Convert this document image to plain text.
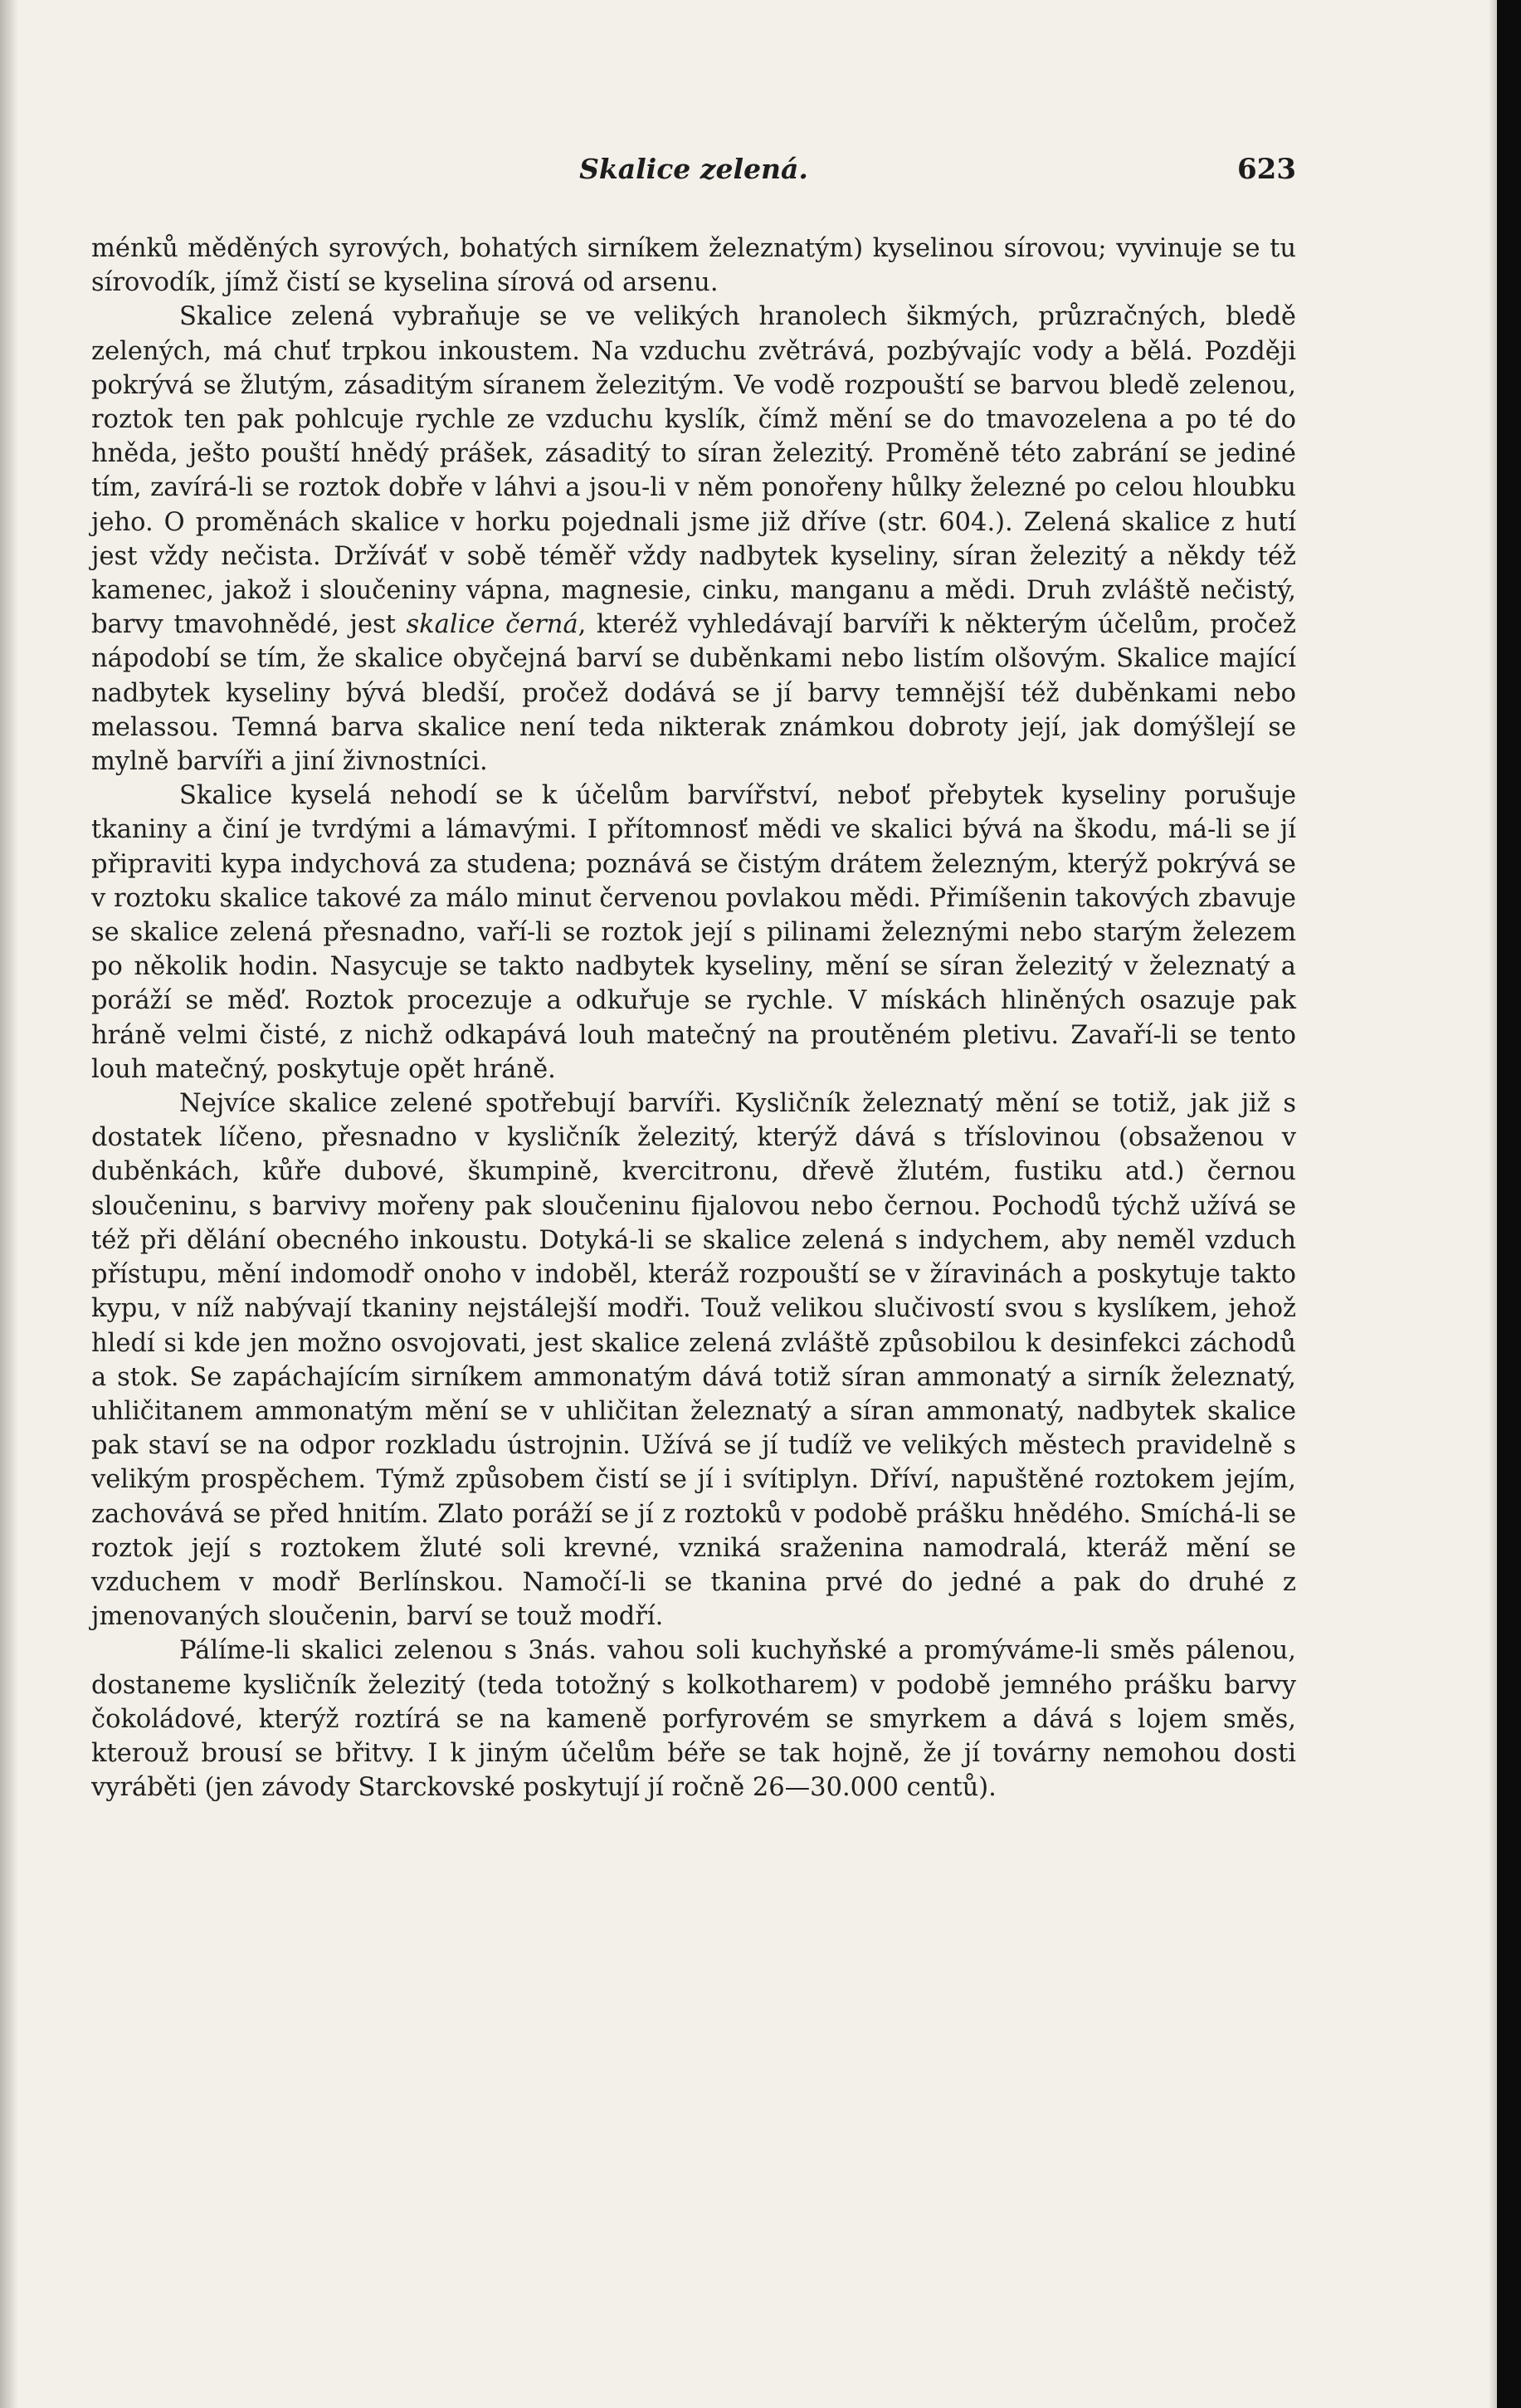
Skalice zelená.	623

ménků měděných syrových, bohatých sirníkem železnatým) kyselinou sírovou; vyvinuje se tu sírovodík, jímž čistí se kyselina sírová od arsenu.

Skalice zelená vybraňuje se ve velikých hranolech šikmých, průzračných, bledě zelených, má chuť trpkou inkoustem. Na vzduchu zvětrává, pozbývajíc vody a bělá. Později pokrývá se žlutým, zásaditým síranem železitým. Ve vodě rozpouští se barvou bledě zelenou, roztok ten pak pohlcuje rychle ze vzduchu kyslík, čímž mění se do tmavozelena a po té do hněda, ješto pouští hnědý prášek, zásaditý to síran železitý. Proměně této zabrání se jediné tím, zavírá-li se roztok dobře v láhvi a jsou-li v něm ponořeny hůlky železné po celou hloubku jeho. O proměnách skalice v horku pojednali jsme již dříve (str. 604.). Zelená skalice z hutí jest vždy nečista. Držíváť v sobě téměř vždy nadbytek kyseliny, síran železitý a někdy též kamenec, jakož i sloučeniny vápna, magnesie, cinku, manganu a mědi. Druh zvláště nečistý, barvy tmavohnědé, jest skalice černá, kteréž vyhledávají barvíři k některým účelům, pročež nápodobí se tím, že skalice obyčejná barví se duběnkami nebo listím olšovým. Skalice mající nadbytek kyseliny bývá bledší, pročež dodává se jí barvy temnější též duběnkami nebo melassou. Temná barva skalice není teda nikterak známkou dobroty její, jak domýšlejí se mylně barvíři a jiní živnostníci.

Skalice kyselá nehodí se k účelům barvířství, neboť přebytek kyseliny porušuje tkaniny a činí je tvrdými a lámavými. I přítomnosť mědi ve skalici bývá na škodu, má-li se jí připraviti kypa indychová za studena; poznává se čistým drátem železným, kterýž pokrývá se v roztoku skalice takové za málo minut červenou povlakou mědi. Přimíšenin takových zbavuje se skalice zelená přesnadno, vaří-li se roztok její s pilinami železnými nebo starým železem po několik hodin. Nasycuje se takto nadbytek kyseliny, mění se síran železitý v železnatý a poráží se měď. Roztok procezuje a odkuřuje se rychle. V mískách hliněných osazuje pak hráně velmi čisté, z nichž odkapává louh matečný na proutěném pletivu. Zavaří-li se tento louh matečný, poskytuje opět hráně.

Nejvíce skalice zelené spotřebují barvíři. Kysličník železnatý mění se totiž, jak již s dostatek líčeno, přesnadno v kysličník železitý, kterýž dává s tříslovinou (obsaženou v duběnkách, kůře dubové, škumpině, kvercitronu, dřevě žlutém, fustiku atd.) černou sloučeninu, s barvivy mořeny pak sloučeninu fijalovou nebo černou. Pochodů týchž užívá se též při dělání obecného inkoustu. Dotyká-li se skalice zelená s indychem, aby neměl vzduch přístupu, mění indomodř onoho v indoběl, kteráž rozpouští se v žíravinách a poskytuje takto kypu, v níž nabývají tkaniny nejstálejší modři. Touž velikou slučivostí svou s kyslíkem, jehož hledí si kde jen možno osvojovati, jest skalice zelená zvláště způsobilou k desinfekci záchodů a stok. Se zapáchajícím sirníkem ammonatým dává totiž síran ammonatý a sirník železnatý, uhličitanem ammonatým mění se v uhličitan železnatý a síran ammonatý, nadbytek skalice pak staví se na odpor rozkladu ústrojnin. Užívá se jí tudíž ve velikých městech pravidelně s velikým prospěchem. Týmž způsobem čistí se jí i svítiplyn. Dříví, napuštěné roztokem jejím, zachovává se před hnitím. Zlato poráží se jí z roztoků v podobě prášku hnědého. Smíchá-li se roztok její s roztokem žluté soli krevné, vzniká sraženina namodralá, kteráž mění se vzduchem v modř Berlínskou. Namočí-li se tkanina prvé do jedné a pak do druhé z jmenovaných sloučenin, barví se touž modří.

Pálíme-li skalici zelenou s 3nás. vahou soli kuchyňské a promýváme-li směs pálenou, dostaneme kysličník železitý (teda totožný s kolkotharem) v podobě jemného prášku barvy čokoládové, kterýž roztírá se na kameně porfyrovém se smyrkem a dává s lojem směs, kterouž brousí se břitvy. I k jiným účelům béře se tak hojně, že jí továrny nemohou dosti vyráběti (jen závody Starckovské poskytují jí ročně 26—30.000 centů).
